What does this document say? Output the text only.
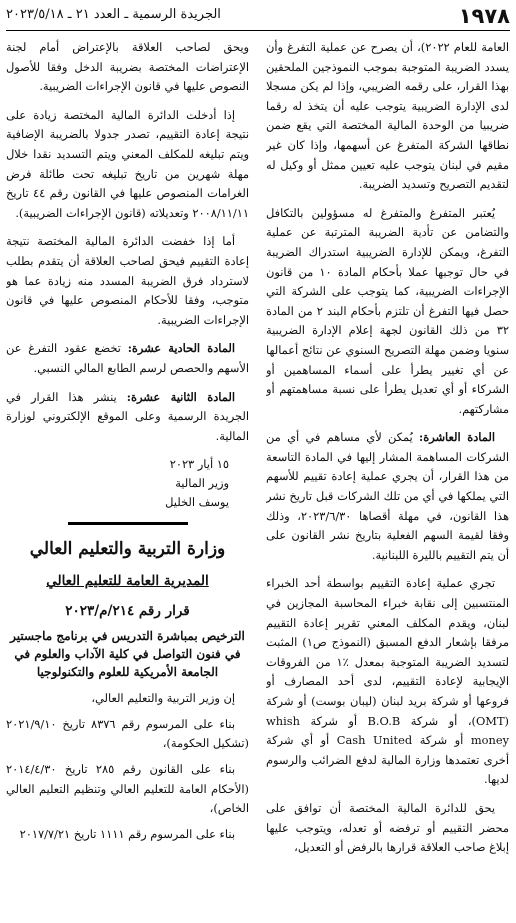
١٩٧٨
الجريدة الرسمية ـ العدد ٢١ ـ ٢٠٢٣/٥/١٨

العامة للعام ٢٠٢٢)، أن يصرح عن عملية التفرغ وأن يسدد الضريبة المتوجبة بموجب النموذجين الملحقين بهذا القرار، على رقمه الضريبي، وإذا لم يكن مسجلا لدى الإدارة الضريبية يتوجب عليه أن يتخذ له رقما ضريبيا من الوحدة المالية المختصة التي يقع ضمن نطاقها الشركة المتفرغ عن أسهمها، وإذا كان غير مقيم في لبنان يتوجب عليه تعيين ممثل أو وكيل له لتقديم التصريح وتسديد الضريبة.

يُعتبر المتفرغ والمتفرغ له مسؤولين بالتكافل والتضامن عن تأدية الضريبة المترتبة عن عملية التفرغ، ويمكن للإدارة الضريبية استدراك الضريبة في حال توجبها عملا بأحكام المادة ١٠ من قانون الإجراءات الضريبية، كما يتوجب على الشركة التي حصل فيها التفرغ أن تلتزم بأحكام البند ٢ من المادة ٣٢ من ذلك القانون لجهة إعلام الإدارة الضريبية سنويا وضمن مهلة التصريح السنوي عن نتائج أعمالها عن أي تغيير يطرأ على أسماء المساهمين أو الشركاء أو أي تعديل يطرأ على نسبة مساهمتهم أو مشاركتهم.

المادة العاشرة: يُمكن لأي مساهم في أي من الشركات المساهمة المشار إليها في المادة التاسعة من هذا القرار، أن يجري عملية إعادة تقييم للأسهم التي يملكها في أي من تلك الشركات قبل تاريخ نشر هذا القانون، في مهلة أقصاها ٢٠٢٣/٦/٣٠، وذلك وفقا لقيمة السهم الفعلية بتاريخ نشر القانون على أن يتم التقييم بالليرة اللبنانية.

تجري عملية إعادة التقييم بواسطة أحد الخبراء المنتسبين إلى نقابة خبراء المحاسبة المجازين في لبنان، ويقدم المكلف المعني تقرير إعادة التقييم مرفقا بإشعار الدفع المسبق (النموذج ص١) المثبت لتسديد الضريبة المتوجبة بمعدل ٪١ من الفروقات الإيجابية لإعادة التقييم، لدى أحد المصارف أو فروعها أو شركة بريد لبنان (ليبان بوست) أو شركة (OMT)، أو شركة B.O.B أو شركة whish money أو شركة Cash United أو أي شركة أخرى تعتمدها وزارة المالية لدفع الضرائب والرسوم لديها.

يحق للدائرة المالية المختصة أن توافق على محضر التقييم أو ترفضه أو تعدله، ويتوجب عليها إبلاغ صاحب العلاقة قرارها بالرفض أو التعديل،

ويحق لصاحب العلاقة بالإعتراض أمام لجنة الإعتراضات المختصة بضريبة الدخل وفقا للأصول النصوص عليها في قانون الإجراءات الضريبية.

إذا أدخلت الدائرة المالية المختصة زيادة على نتيجة إعادة التقييم، تصدر جدولا بالضريبة الإضافية ويتم تبليغه للمكلف المعني ويتم التسديد نقدا خلال مهلة شهرين من تاريخ تبليغه تحت طائلة فرض الغرامات المنصوص عليها في القانون رقم ٤٤ تاريخ ٢٠٠٨/١١/١١ وتعديلاته (قانون الإجراءات الضريبية).

أما إذا خفضت الدائرة المالية المختصة نتيجة إعادة التقييم فيحق لصاحب العلاقة أن يتقدم بطلب لاسترداد فرق الضريبة المسدد منه زيادة عما هو متوجب، وفقا للأحكام المنصوص عليها في قانون الإجراءات الضريبية.

المادة الحادية عشرة: تخضع عقود التفرغ عن الأسهم والحصص لرسم الطابع المالي النسبي.

المادة الثانية عشرة: ينشر هذا القرار في الجريدة الرسمية وعلى الموقع الإلكتروني لوزارة المالية.

١٥ أيار ٢٠٢٣
وزير المالية
يوسف الخليل
وزارة التربية والتعليم العالي
المديرية العامة للتعليم العالي
قرار رقم ٢١٤/م/٢٠٢٣
الترخيص بمباشرة التدريس في برنامج ماجستير في فنون التواصل في كلية الآداب والعلوم في الجامعة الأمريكية للعلوم والتكنولوجيا

إن وزير التربية والتعليم العالي،

بناء على المرسوم رقم ٨٣٧٦ تاريخ ٢٠٢١/٩/١٠ (تشكيل الحكومة)،

بناء على القانون رقم ٢٨٥ تاريخ ٢٠١٤/٤/٣٠ (الأحكام العامة للتعليم العالي وتنظيم التعليم العالي الخاص)،

بناء على المرسوم رقم ١١١١ تاريخ ٢٠١٧/٧/٢١
